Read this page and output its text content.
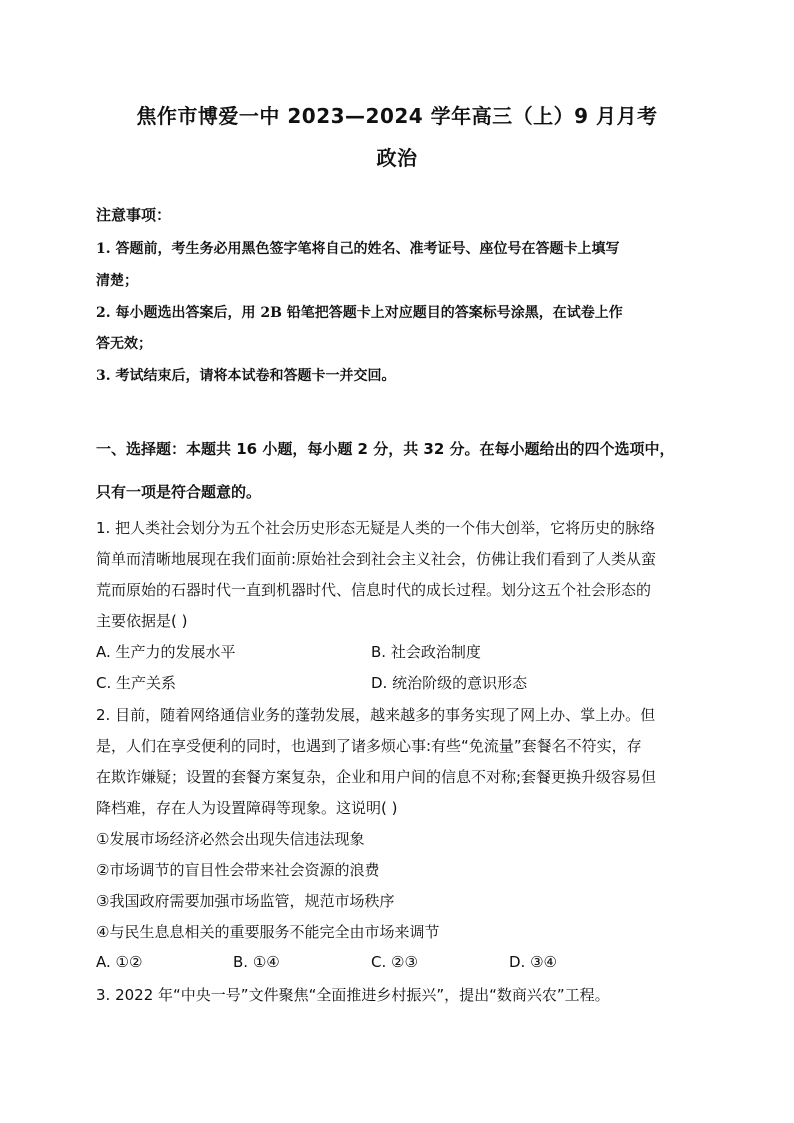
焦作市博爱一中 2023—2024 学年高三（上）9 月月考
政治
注意事项：
1. 答题前，考生务必用黑色签字笔将自己的姓名、准考证号、座位号在答题卡上填写
清楚；
2. 每小题选出答案后，用 2B 铅笔把答题卡上对应题目的答案标号涂黑，在试卷上作
答无效；
3. 考试结束后，请将本试卷和答题卡一并交回。
一、选择题：本题共 16 小题，每小题 2 分，共 32 分。在每小题给出的四个选项中，
只有一项是符合题意的。
1. 把人类社会划分为五个社会历史形态无疑是人类的一个伟大创举，它将历史的脉络
简单而清晰地展现在我们面前:原始社会到社会主义社会，仿佛让我们看到了人类从蛮
荒而原始的石器时代一直到机器时代、信息时代的成长过程。划分这五个社会形态的
主要依据是( )
A. 生产力的发展水平	B. 社会政治制度
C. 生产关系	D. 统治阶级的意识形态
2. 目前，随着网络通信业务的蓬勃发展，越来越多的事务实现了网上办、掌上办。但
是，人们在享受便利的同时，也遇到了诸多烦心事:有些“免流量”套餐名不符实，存
在欺诈嫌疑；设置的套餐方案复杂，企业和用户间的信息不对称;套餐更换升级容易但
降档难，存在人为设置障碍等现象。这说明( )
①发展市场经济必然会出现失信违法现象
②市场调节的盲目性会带来社会资源的浪费
③我国政府需要加强市场监管，规范市场秩序
④与民生息息相关的重要服务不能完全由市场来调节
A. ①②	B. ①④	C. ②③	D. ③④
3. 2022 年“中央一号”文件聚焦“全面推进乡村振兴”，提出“数商兴农”工程。
